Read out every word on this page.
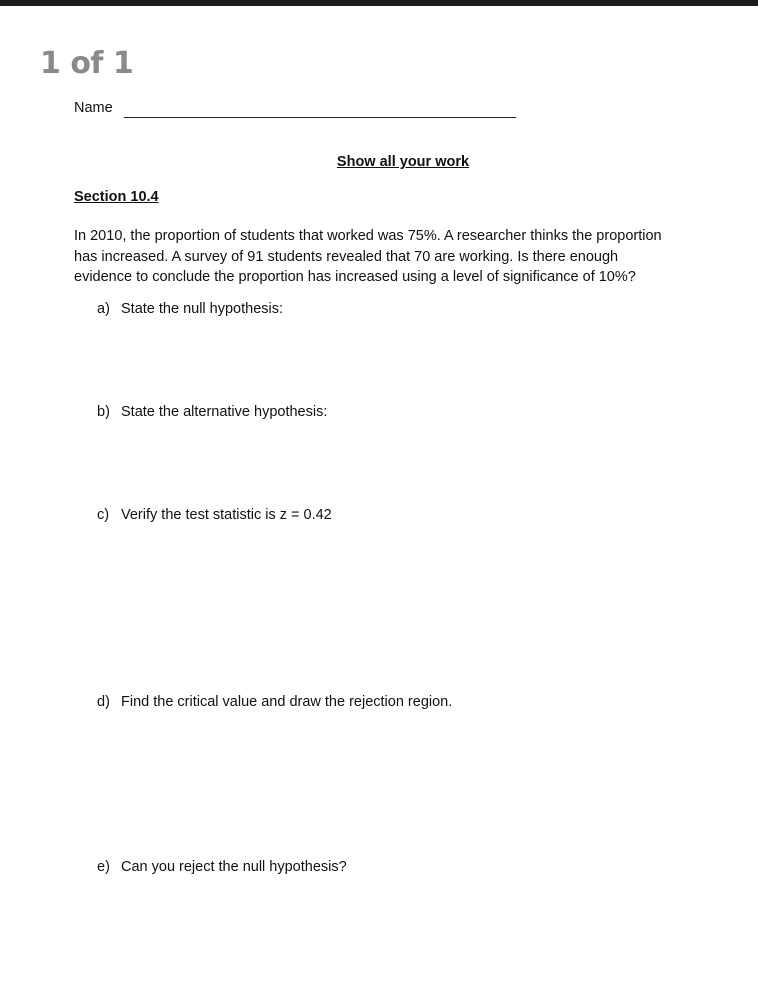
1 of 1
Name
Show all your work
Section 10.4
In 2010, the proportion of students that worked was 75%. A researcher thinks the proportion
has increased. A survey of 91 students revealed that 70 are working. Is there enough
evidence to conclude the proportion has increased using a level of significance of 10%?
a) State the null hypothesis:
b) State the alternative hypothesis:
c) Verify the test statistic is z = 0.42
d) Find the critical value and draw the rejection region.
e) Can you reject the null hypothesis?
